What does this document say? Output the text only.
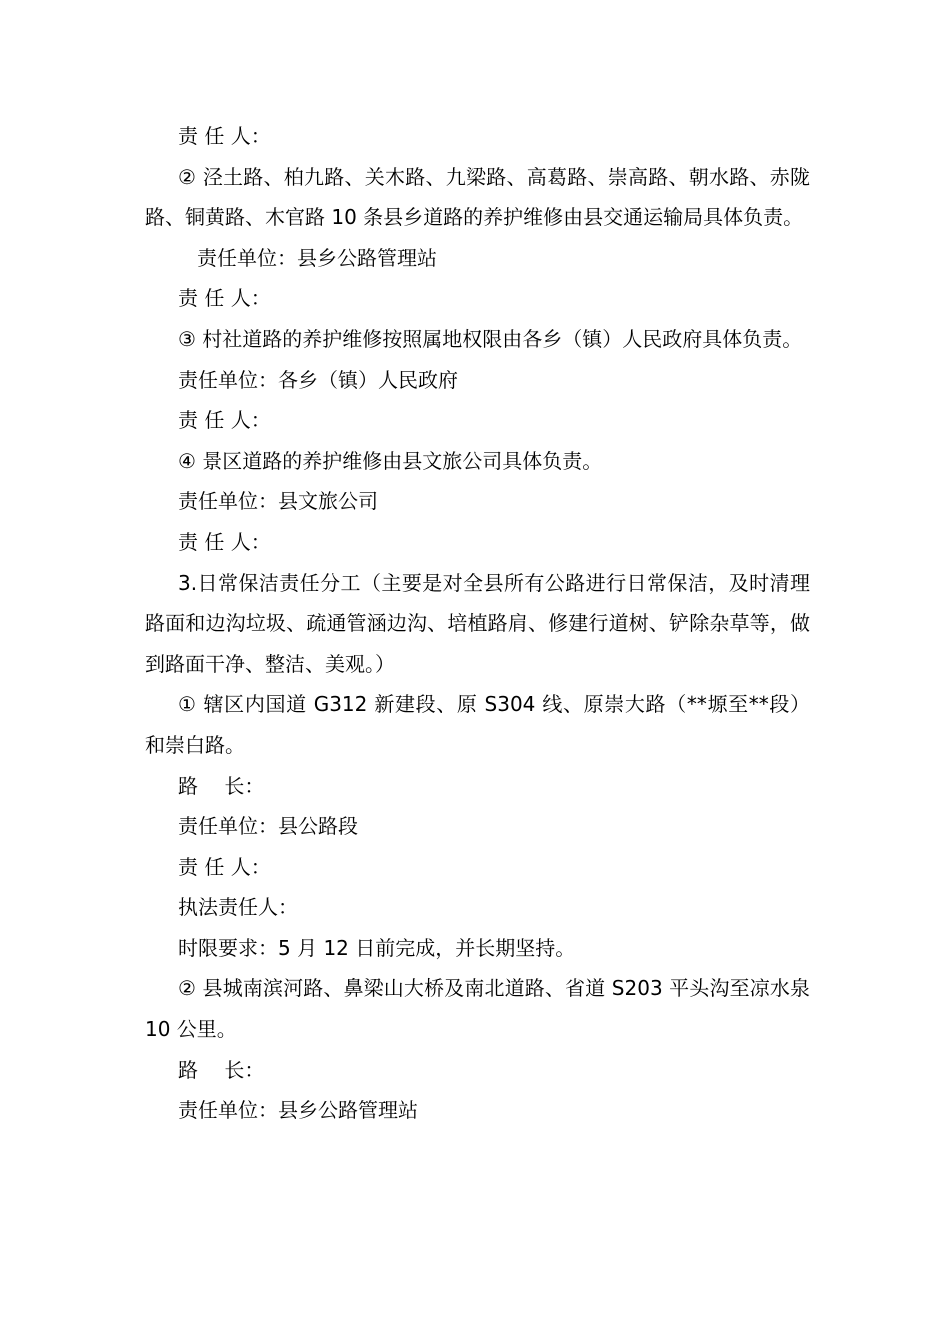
责 任 人：

② 泾土路、柏九路、关木路、九梁路、高葛路、崇高路、朝水路、赤陇路、铜黄路、木官路 10 条县乡道路的养护维修由县交通运输局具体负责。

责任单位：县乡公路管理站

责 任 人：

③ 村社道路的养护维修按照属地权限由各乡（镇）人民政府具体负责。

责任单位：各乡（镇）人民政府

责 任 人：

④ 景区道路的养护维修由县文旅公司具体负责。

责任单位：县文旅公司

责 任 人：

3.日常保洁责任分工（主要是对全县所有公路进行日常保洁，及时清理路面和边沟垃圾、疏通管涵边沟、培植路肩、修建行道树、铲除杂草等，做到路面干净、整洁、美观。）

① 辖区内国道 G312 新建段、原 S304 线、原崇大路（**塬至**段）和崇白路。

路　 长：

责任单位：县公路段

责 任 人：

执法责任人：

时限要求：5 月 12 日前完成，并长期坚持。

② 县城南滨河路、鼻梁山大桥及南北道路、省道 S203 平头沟至凉水泉 10 公里。

路　 长：

责任单位：县乡公路管理站
